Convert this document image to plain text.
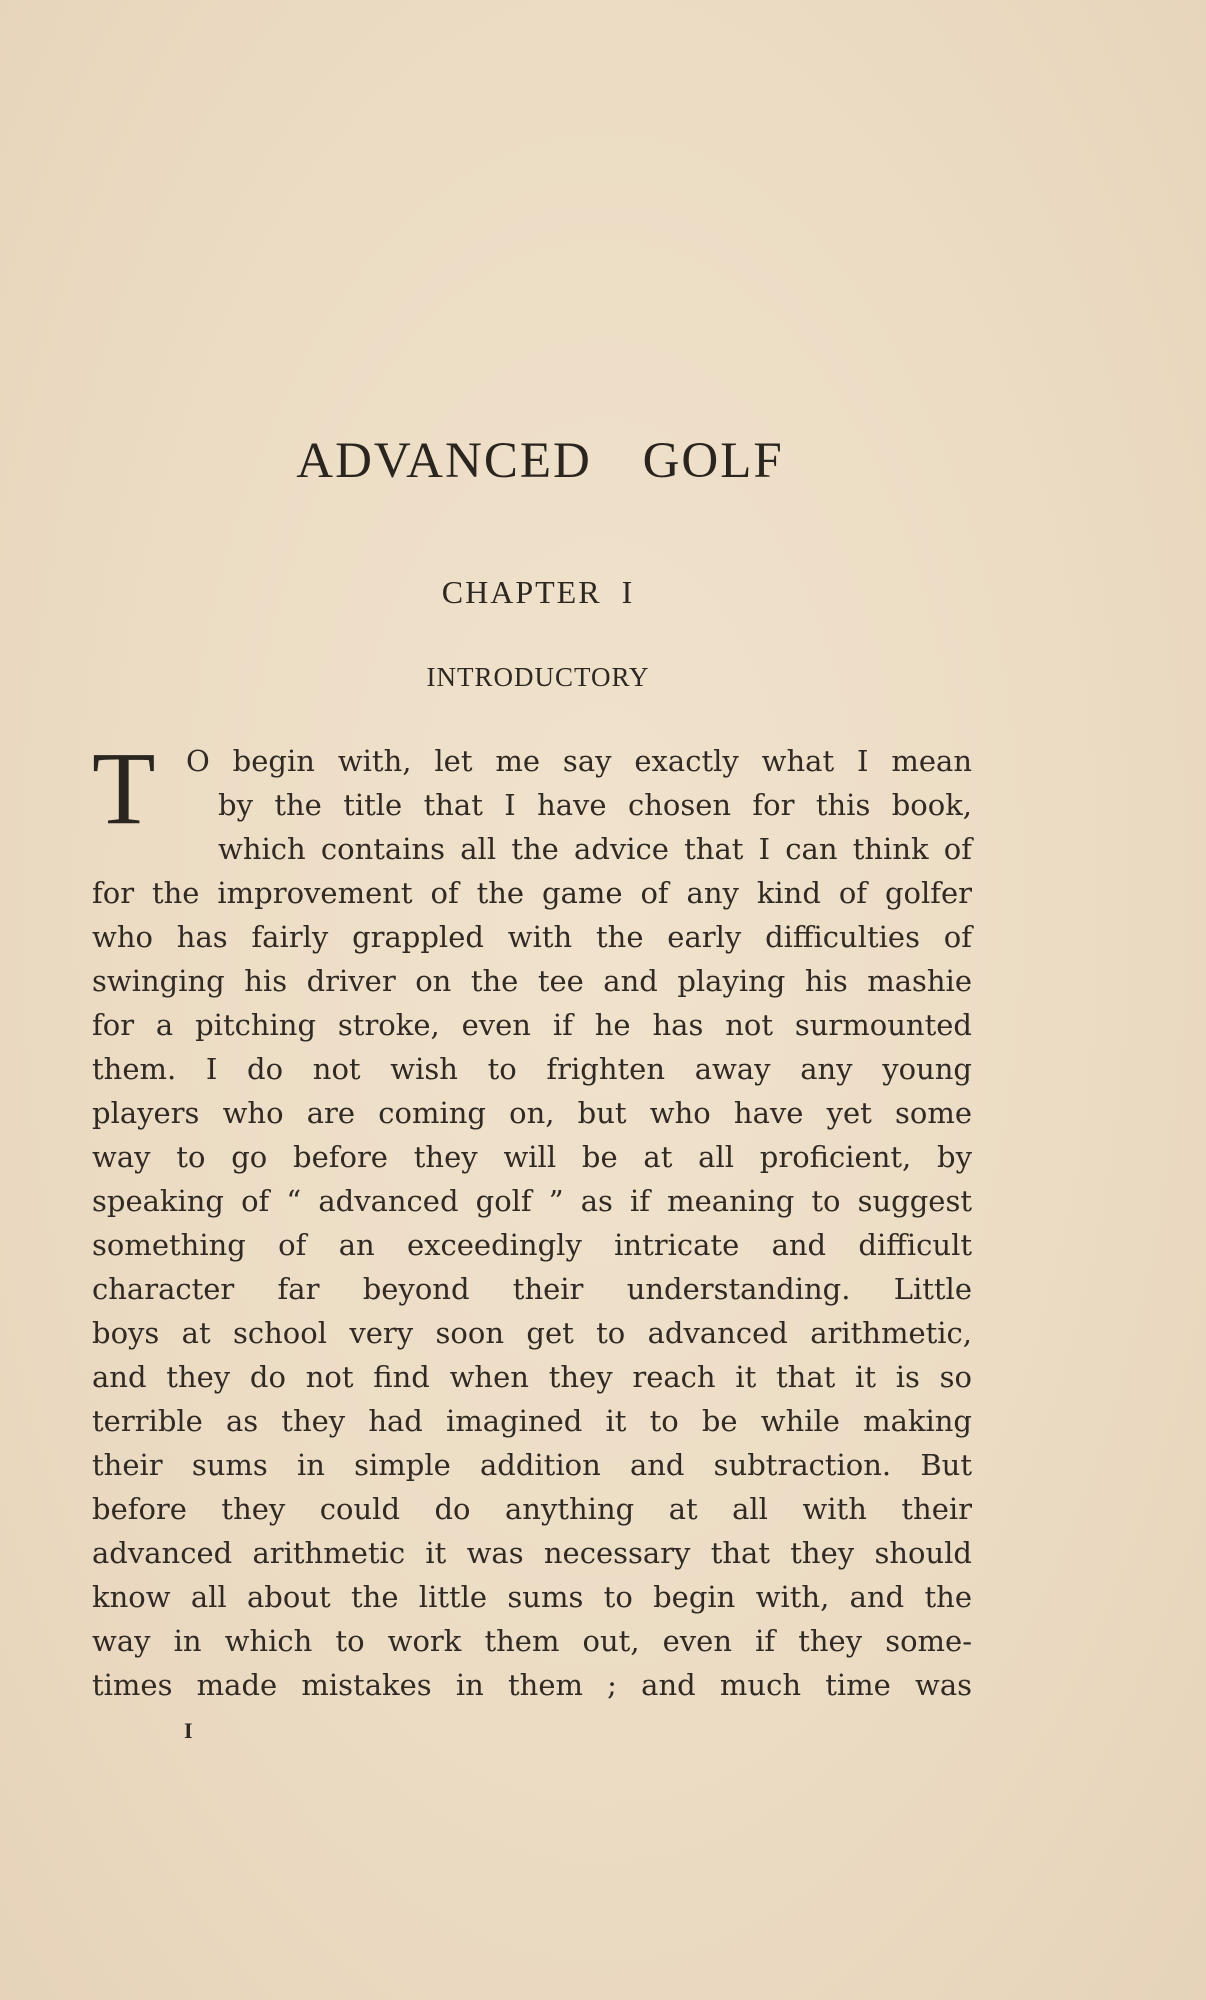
ADVANCED GOLF
CHAPTER I
INTRODUCTORY
T O begin with, let me say exactly what I mean
by the title that I have chosen for this book,
which contains all the advice that I can think of
for the improvement of the game of any kind of golfer
who has fairly grappled with the early difficulties of
swinging his driver on the tee and playing his mashie
for a pitching stroke, even if he has not surmounted
them. I do not wish to frighten away any young
players who are coming on, but who have yet some
way to go before they will be at all proficient, by
speaking of “ advanced golf ” as if meaning to suggest
something of an exceedingly intricate and difficult
character far beyond their understanding. Little
boys at school very soon get to advanced arithmetic,
and they do not find when they reach it that it is so
terrible as they had imagined it to be while making
their sums in simple addition and subtraction. But
before they could do anything at all with their
advanced arithmetic it was necessary that they should
know all about the little sums to begin with, and the
way in which to work them out, even if they some-
times made mistakes in them ; and much time was
I
